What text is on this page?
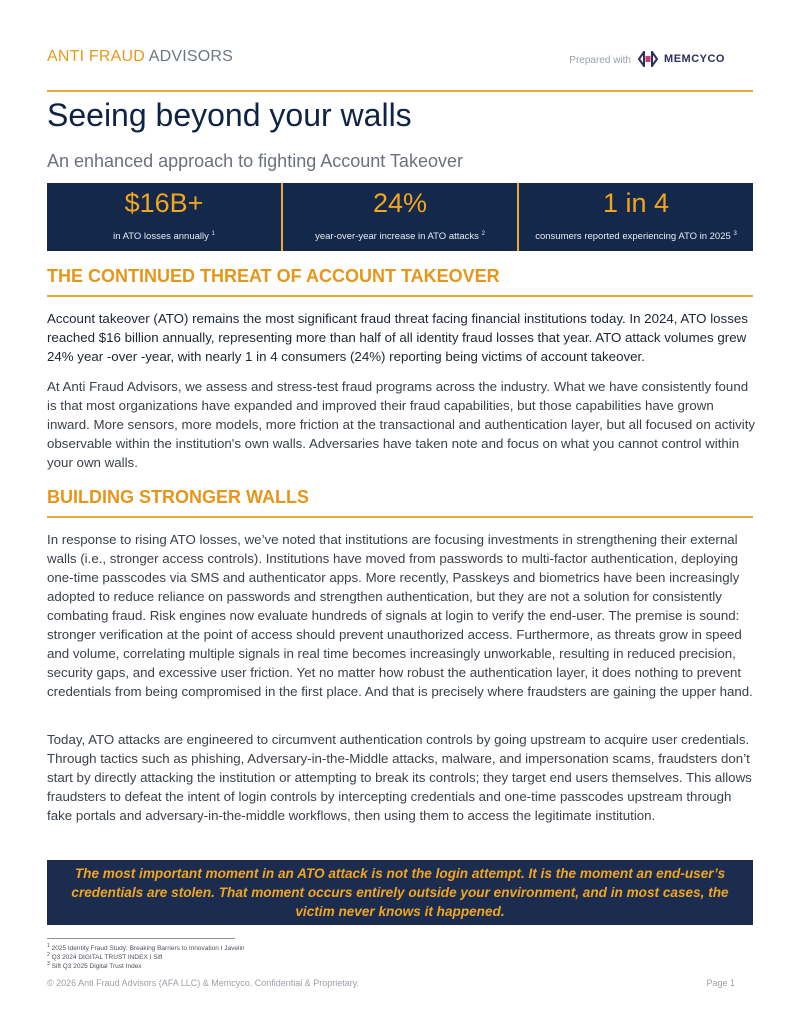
ANTI FRAUD ADVISORS	Prepared with	MEMCYCO
Seeing beyond your walls
An enhanced approach to fighting Account Takeover
$16B+
in ATO losses annually $^1$
24%
year-over-year increase in ATO attacks $^2$
1 in 4
consumers reported experiencing ATO in 2025 $^3$
THE CONTINUED THREAT OF ACCOUNT TAKEOVER

Account takeover (ATO) remains the most significant fraud threat facing financial institutions today. In 2024, ATO losses reached $16 billion annually, representing more than half of all identity fraud losses that year. ATO attack volumes grew 24% year -over -year, with nearly 1 in 4 consumers (24%) reporting being victims of account takeover.

At Anti Fraud Advisors, we assess and stress-test fraud programs across the industry. What we have consistently found is that most organizations have expanded and improved their fraud capabilities, but those capabilities have grown inward. More sensors, more models, more friction at the transactional and authentication layer, but all focused on activity observable within the institution's own walls. Adversaries have taken note and focus on what you cannot control within your own walls.

BUILDING STRONGER WALLS

In response to rising ATO losses, we’ve noted that institutions are focusing investments in strengthening their external walls (i.e., stronger access controls). Institutions have moved from passwords to multi-factor authentication, deploying one-time passcodes via SMS and authenticator apps. More recently, Passkeys and biometrics have been increasingly adopted to reduce reliance on passwords and strengthen authentication, but they are not a solution for consistently combating fraud. Risk engines now evaluate hundreds of signals at login to verify the end-user. The premise is sound: stronger verification at the point of access should prevent unauthorized access. Furthermore, as threats grow in speed and volume, correlating multiple signals in real time becomes increasingly unworkable, resulting in reduced precision, security gaps, and excessive user friction. Yet no matter how robust the authentication layer, it does nothing to prevent credentials from being compromised in the first place. And that is precisely where fraudsters are gaining the upper hand.

Today, ATO attacks are engineered to circumvent authentication controls by going upstream to acquire user credentials. Through tactics such as phishing, Adversary-in-the-Middle attacks, malware, and impersonation scams, fraudsters don’t start by directly attacking the institution or attempting to break its controls; they target end users themselves. This allows fraudsters to defeat the intent of login controls by intercepting credentials and one-time passcodes upstream through fake portals and adversary-in-the-middle workflows, then using them to access the legitimate institution.

The most important moment in an ATO attack is not the login attempt. It is the moment an end-user’s credentials are stolen. That moment occurs entirely outside your environment, and in most cases, the victim never knows it happened.
$^1$ 2025 Identity Fraud Study: Breaking Barriers to Innovation I Javelin
$^2$ Q3 2024 DIGITAL TRUST INDEX I Sift
$^3$ Sift Q3 2025 Digital Trust Index
© 2026 Anti Fraud Advisors (AFA LLC) & Memcyco. Confidential & Proprietary.	Page 1
